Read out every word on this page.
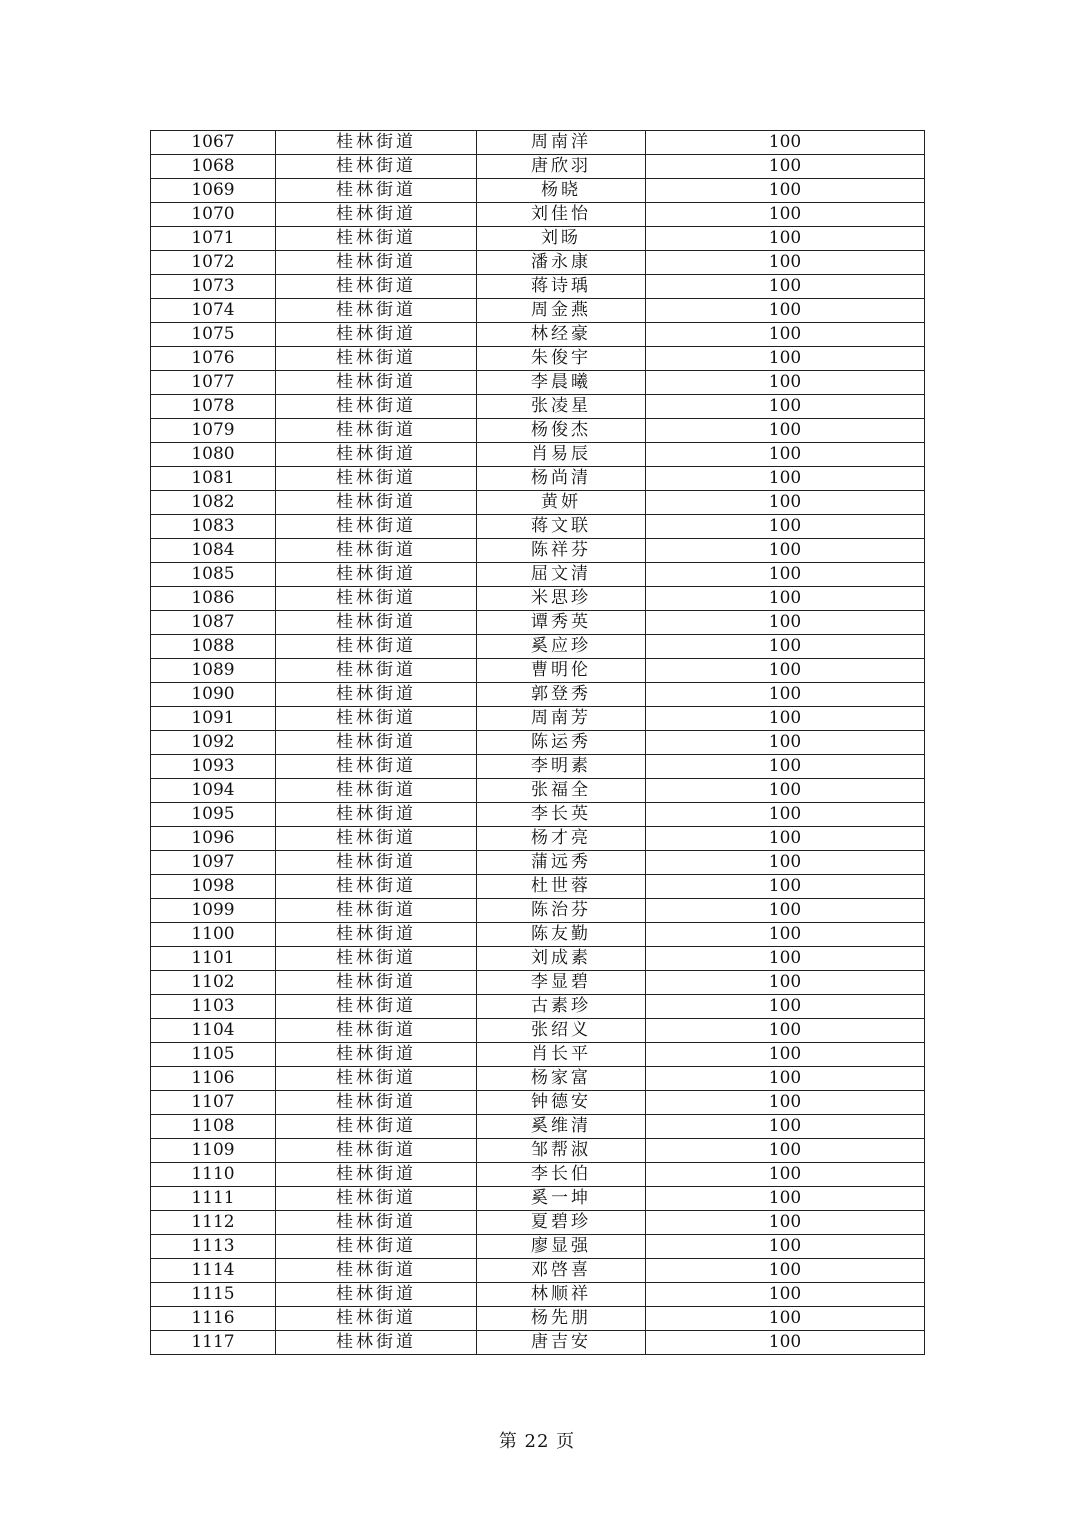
1067	桂林街道	周南洋	100
1068	桂林街道	唐欣羽	100
1069	桂林街道	杨晓	100
1070	桂林街道	刘佳怡	100
1071	桂林街道	刘旸	100
1072	桂林街道	潘永康	100
1073	桂林街道	蒋诗瑀	100
1074	桂林街道	周金燕	100
1075	桂林街道	林经豪	100
1076	桂林街道	朱俊宇	100
1077	桂林街道	李晨曦	100
1078	桂林街道	张凌星	100
1079	桂林街道	杨俊杰	100
1080	桂林街道	肖易辰	100
1081	桂林街道	杨尚清	100
1082	桂林街道	黄妍	100
1083	桂林街道	蒋文联	100
1084	桂林街道	陈祥芬	100
1085	桂林街道	屈文清	100
1086	桂林街道	米思珍	100
1087	桂林街道	谭秀英	100
1088	桂林街道	奚应珍	100
1089	桂林街道	曹明伦	100
1090	桂林街道	郭登秀	100
1091	桂林街道	周南芳	100
1092	桂林街道	陈运秀	100
1093	桂林街道	李明素	100
1094	桂林街道	张福全	100
1095	桂林街道	李长英	100
1096	桂林街道	杨才亮	100
1097	桂林街道	蒲远秀	100
1098	桂林街道	杜世蓉	100
1099	桂林街道	陈治芬	100
1100	桂林街道	陈友勤	100
1101	桂林街道	刘成素	100
1102	桂林街道	李显碧	100
1103	桂林街道	古素珍	100
1104	桂林街道	张绍义	100
1105	桂林街道	肖长平	100
1106	桂林街道	杨家富	100
1107	桂林街道	钟德安	100
1108	桂林街道	奚维清	100
1109	桂林街道	邹帮淑	100
1110	桂林街道	李长伯	100
1111	桂林街道	奚一坤	100
1112	桂林街道	夏碧珍	100
1113	桂林街道	廖显强	100
1114	桂林街道	邓啓喜	100
1115	桂林街道	林顺祥	100
1116	桂林街道	杨先朋	100
1117	桂林街道	唐吉安	100
第 22 页
